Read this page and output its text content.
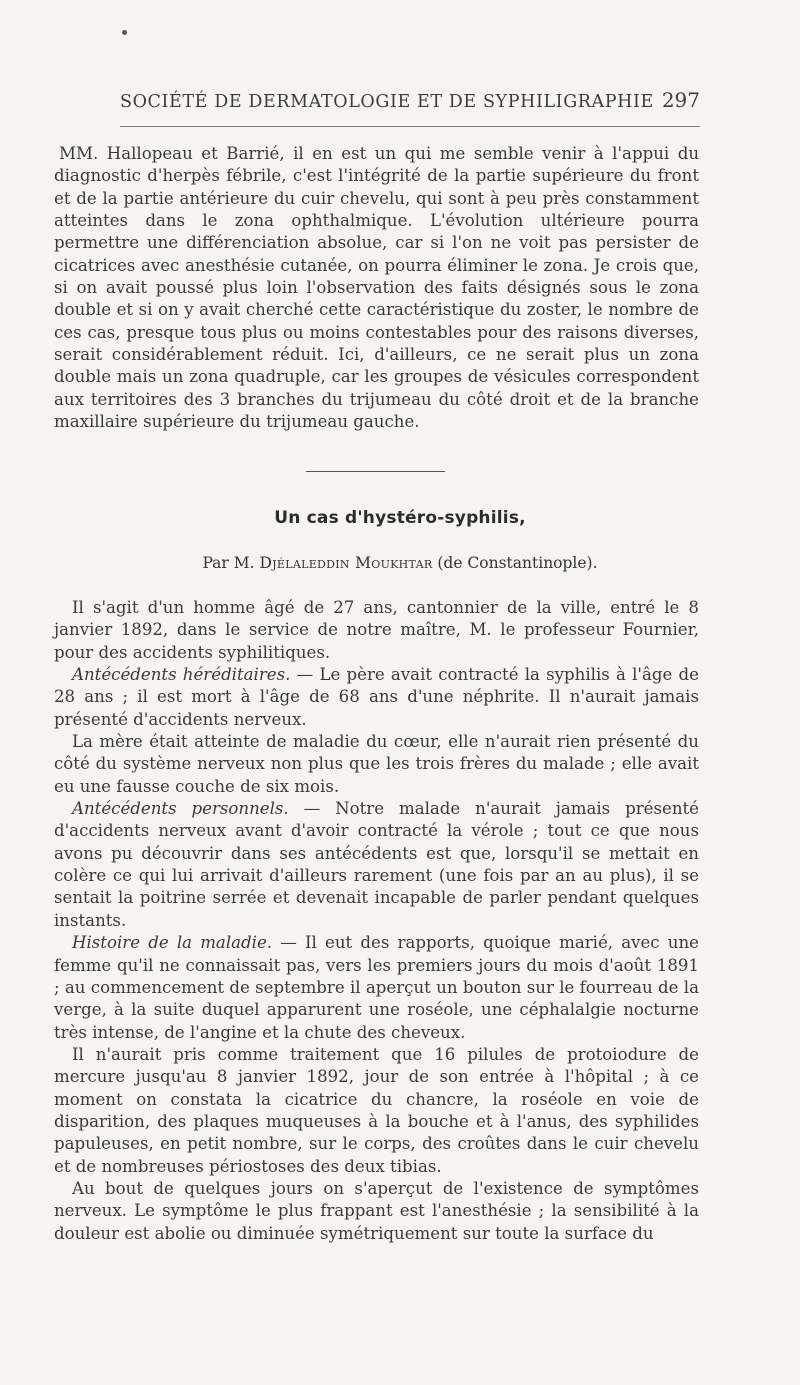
SOCIÉTÉ DE DERMATOLOGIE ET DE SYPHILIGRAPHIE 297

MM. Hallopeau et Barrié, il en est un qui me semble venir à l'appui du diagnostic d'herpès fébrile, c'est l'intégrité de la partie supérieure du front et de la partie antérieure du cuir chevelu, qui sont à peu près constamment atteintes dans le zona ophthalmique. L'évolution ultérieure pourra permettre une différenciation absolue, car si l'on ne voit pas persister de cicatrices avec anesthésie cutanée, on pourra éliminer le zona. Je crois que, si on avait poussé plus loin l'observation des faits désignés sous le zona double et si on y avait cherché cette caractéristique du zoster, le nombre de ces cas, presque tous plus ou moins contestables pour des raisons diverses, serait considérablement réduit. Ici, d'ailleurs, ce ne serait plus un zona double mais un zona quadruple, car les groupes de vésicules correspondent aux territoires des 3 branches du trijumeau du côté droit et de la branche maxillaire supérieure du trijumeau gauche.

Un cas d'hystéro-syphilis,
Par M. Djélaleddin Moukhtar (de Constantinople).

Il s'agit d'un homme âgé de 27 ans, cantonnier de la ville, entré le 8 janvier 1892, dans le service de notre maître, M. le professeur Fournier, pour des accidents syphilitiques.

Antécédents héréditaires. — Le père avait contracté la syphilis à l'âge de 28 ans ; il est mort à l'âge de 68 ans d'une néphrite. Il n'aurait jamais présenté d'accidents nerveux.

La mère était atteinte de maladie du cœur, elle n'aurait rien présenté du côté du système nerveux non plus que les trois frères du malade ; elle avait eu une fausse couche de six mois.

Antécédents personnels. — Notre malade n'aurait jamais présenté d'accidents nerveux avant d'avoir contracté la vérole ; tout ce que nous avons pu découvrir dans ses antécédents est que, lorsqu'il se mettait en colère ce qui lui arrivait d'ailleurs rarement (une fois par an au plus), il se sentait la poitrine serrée et devenait incapable de parler pendant quelques instants.

Histoire de la maladie. — Il eut des rapports, quoique marié, avec une femme qu'il ne connaissait pas, vers les premiers jours du mois d'août 1891 ; au commencement de septembre il aperçut un bouton sur le fourreau de la verge, à la suite duquel apparurent une roséole, une céphalalgie nocturne très intense, de l'angine et la chute des cheveux.

Il n'aurait pris comme traitement que 16 pilules de protoiodure de mercure jusqu'au 8 janvier 1892, jour de son entrée à l'hôpital ; à ce moment on constata la cicatrice du chancre, la roséole en voie de disparition, des plaques muqueuses à la bouche et à l'anus, des syphilides papuleuses, en petit nombre, sur le corps, des croûtes dans le cuir chevelu et de nombreuses périostoses des deux tibias.

Au bout de quelques jours on s'aperçut de l'existence de symptômes nerveux. Le symptôme le plus frappant est l'anesthésie ; la sensibilité à la douleur est abolie ou diminuée symétriquement sur toute la surface du
